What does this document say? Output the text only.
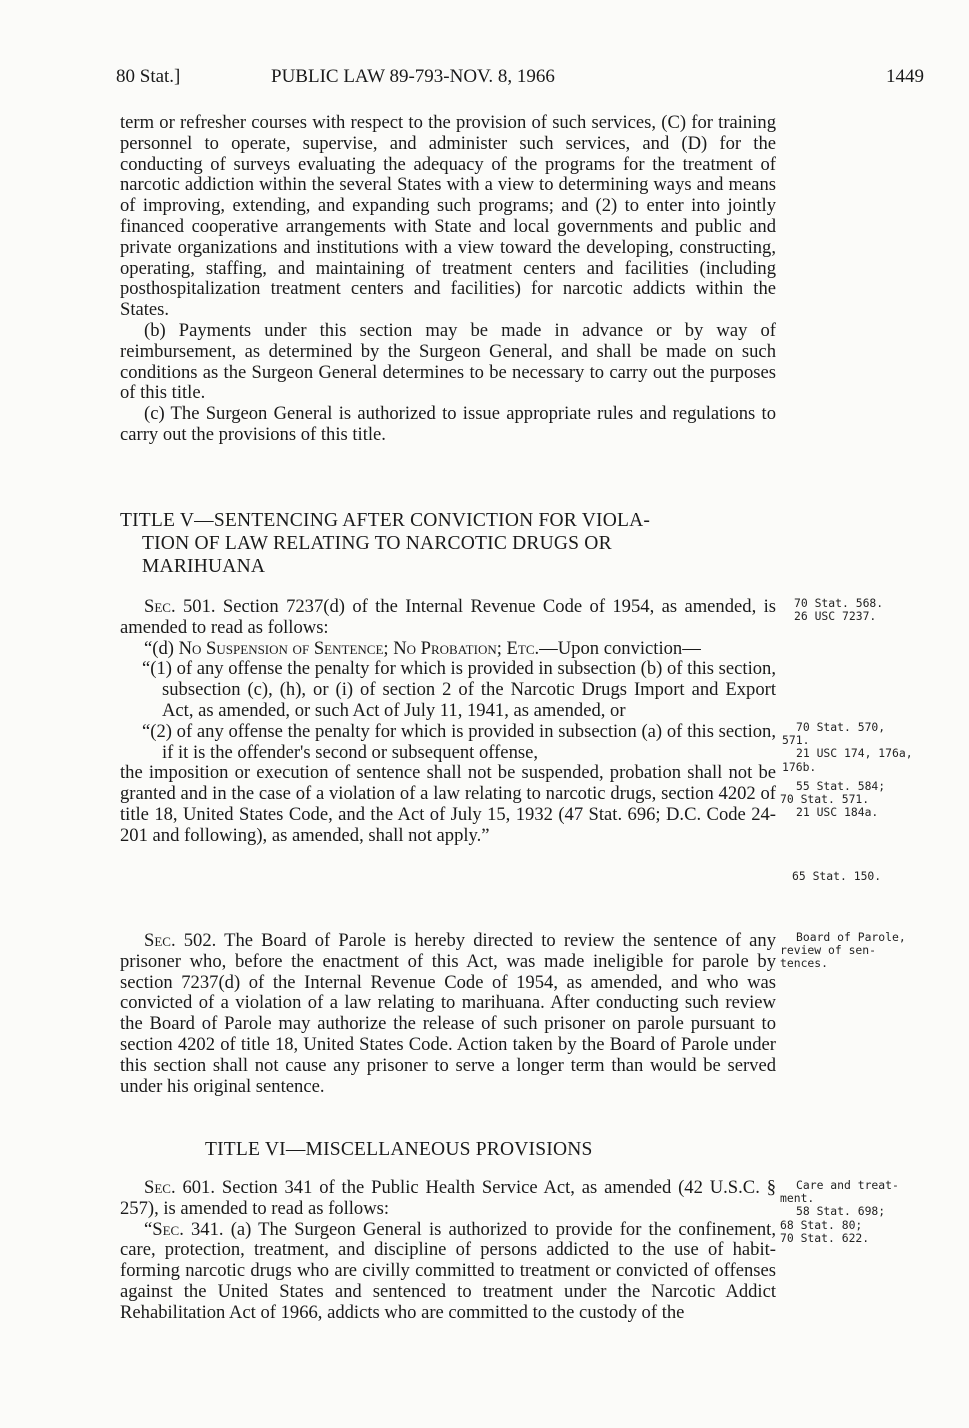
80 Stat.]	PUBLIC LAW 89-793-NOV. 8, 1966	1449

term or refresher courses with respect to the provision of such services, (C) for training personnel to operate, supervise, and administer such services, and (D) for the conducting of surveys evaluating the adequacy of the programs for the treatment of narcotic addiction within the several States with a view to determining ways and means of improving, extending, and expanding such programs; and (2) to enter into jointly financed cooperative arrangements with State and local governments and public and private organizations and institutions with a view toward the developing, constructing, operating, staffing, and maintaining of treatment centers and facilities (including posthospitalization treatment centers and facilities) for narcotic addicts within the States.

(b) Payments under this section may be made in advance or by way of reimbursement, as determined by the Surgeon General, and shall be made on such conditions as the Surgeon General determines to be necessary to carry out the purposes of this title.

(c) The Surgeon General is authorized to issue appropriate rules and regulations to carry out the provisions of this title.

TITLE V—SENTENCING AFTER CONVICTION FOR VIOLA-
TION OF LAW RELATING TO NARCOTIC DRUGS OR
MARIHUANA

Sec. 501. Section 7237(d) of the Internal Revenue Code of 1954, as amended, is amended to read as follows:

“(d) No Suspension of Sentence; No Probation; Etc.—Upon conviction—

“(1) of any offense the penalty for which is provided in subsection (b) of this section, subsection (c), (h), or (i) of section 2 of the Narcotic Drugs Import and Export Act, as amended, or such Act of July 11, 1941, as amended, or

“(2) of any offense the penalty for which is provided in subsection (a) of this section, if it is the offender's second or subsequent offense,

the imposition or execution of sentence shall not be suspended, probation shall not be granted and in the case of a violation of a law relating to narcotic drugs, section 4202 of title 18, United States Code, and the Act of July 15, 1932 (47 Stat. 696; D.C. Code 24-201 and following), as amended, shall not apply.”

Sec. 502. The Board of Parole is hereby directed to review the sentence of any prisoner who, before the enactment of this Act, was made ineligible for parole by section 7237(d) of the Internal Revenue Code of 1954, as amended, and who was convicted of a violation of a law relating to marihuana. After conducting such review the Board of Parole may authorize the release of such prisoner on parole pursuant to section 4202 of title 18, United States Code. Action taken by the Board of Parole under this section shall not cause any prisoner to serve a longer term than would be served under his original sentence.

TITLE VI—MISCELLANEOUS PROVISIONS

Sec. 601. Section 341 of the Public Health Service Act, as amended (42 U.S.C. § 257), is amended to read as follows:

“Sec. 341. (a) The Surgeon General is authorized to provide for the confinement, care, protection, treatment, and discipline of persons addicted to the use of habit-forming narcotic drugs who are civilly committed to treatment or convicted of offenses against the United States and sentenced to treatment under the Narcotic Addict Rehabilitation Act of 1966, addicts who are committed to the custody of the

70 Stat. 568.
26 USC 7237.
70 Stat. 570,
571.
21 USC 174, 176a,
176b.
55 Stat. 584;
70 Stat. 571.
21 USC 184a.
65 Stat. 150.
Board of Parole,
review of sen-
tences.
Care and treat-
ment.
58 Stat. 698;
68 Stat. 80;
70 Stat. 622.
